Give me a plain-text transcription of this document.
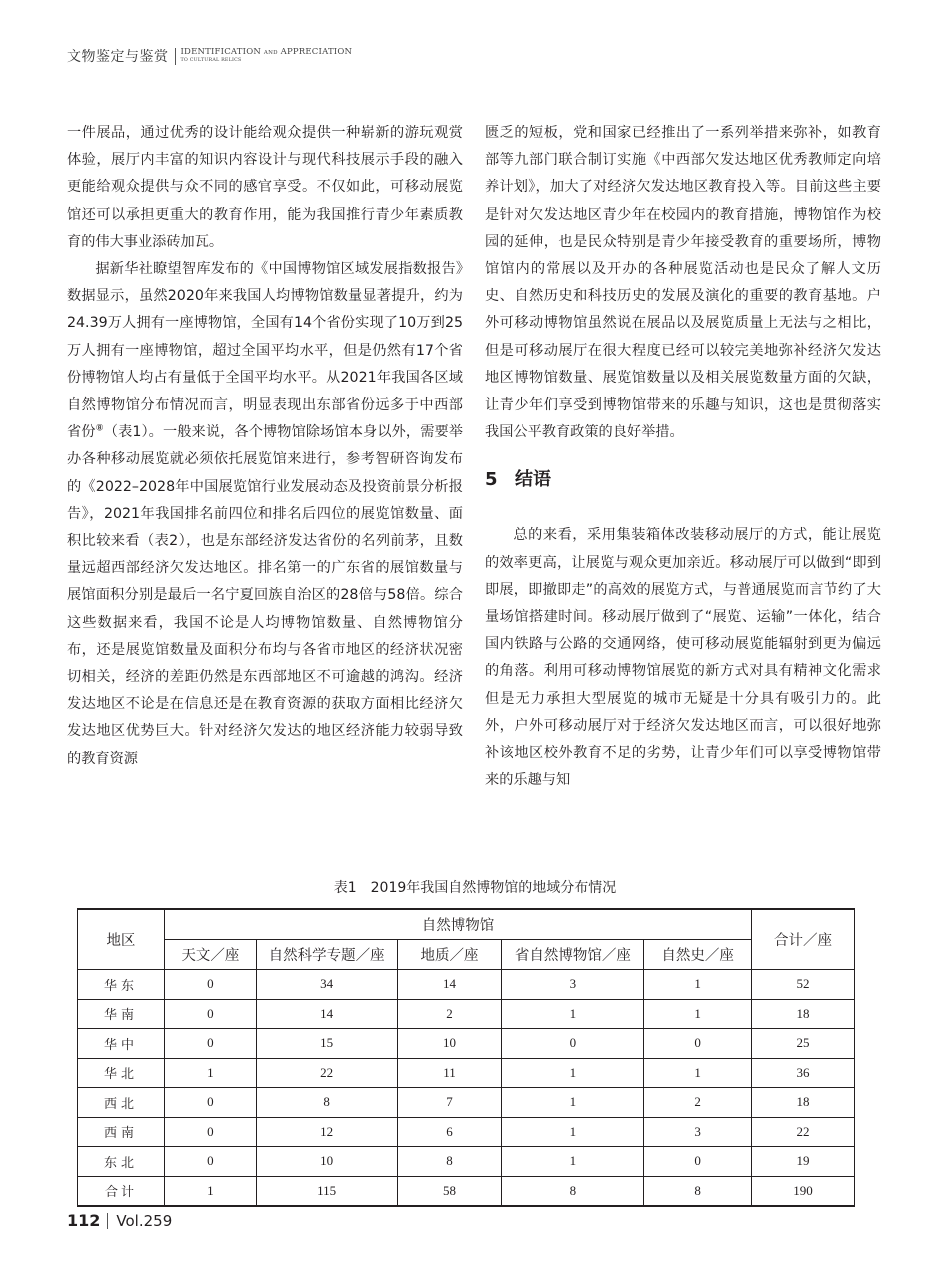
文物鉴定与鉴赏 IDENTIFICATION AND APPRECIATION
TO CULTURAL RELICS

一件展品，通过优秀的设计能给观众提供一种崭新的游玩观赏体验，展厅内丰富的知识内容设计与现代科技展示手段的融入更能给观众提供与众不同的感官享受。不仅如此，可移动展览馆还可以承担更重大的教育作用，能为我国推行青少年素质教育的伟大事业添砖加瓦。

据新华社瞭望智库发布的《中国博物馆区域发展指数报告》数据显示，虽然2020年来我国人均博物馆数量显著提升，约为24.39万人拥有一座博物馆，全国有14个省份实现了10万到25万人拥有一座博物馆，超过全国平均水平，但是仍然有17个省份博物馆人均占有量低于全国平均水平。从2021年我国各区域自然博物馆分布情况而言，明显表现出东部省份远多于中西部省份⑧（表1）。一般来说，各个博物馆除场馆本身以外，需要举办各种移动展览就必须依托展览馆来进行，参考智研咨询发布的《2022–2028年中国展览馆行业发展动态及投资前景分析报告》，2021年我国排名前四位和排名后四位的展览馆数量、面积比较来看（表2），也是东部经济发达省份的名列前茅，且数量远超西部经济欠发达地区。排名第一的广东省的展馆数量与展馆面积分别是最后一名宁夏回族自治区的28倍与58倍。综合这些数据来看，我国不论是人均博物馆数量、自然博物馆分布，还是展览馆数量及面积分布均与各省市地区的经济状况密切相关，经济的差距仍然是东西部地区不可逾越的鸿沟。经济发达地区不论是在信息还是在教育资源的获取方面相比经济欠发达地区优势巨大。针对经济欠发达的地区经济能力较弱导致的教育资源

匮乏的短板，党和国家已经推出了一系列举措来弥补，如教育部等九部门联合制订实施《中西部欠发达地区优秀教师定向培养计划》，加大了对经济欠发达地区教育投入等。目前这些主要是针对欠发达地区青少年在校园内的教育措施，博物馆作为校园的延伸，也是民众特别是青少年接受教育的重要场所，博物馆馆内的常展以及开办的各种展览活动也是民众了解人文历史、自然历史和科技历史的发展及演化的重要的教育基地。户外可移动博物馆虽然说在展品以及展览质量上无法与之相比，但是可移动展厅在很大程度已经可以较完美地弥补经济欠发达地区博物馆数量、展览馆数量以及相关展览数量方面的欠缺，让青少年们享受到博物馆带来的乐趣与知识，这也是贯彻落实我国公平教育政策的良好举措。

5 结语

总的来看，采用集装箱体改装移动展厅的方式，能让展览的效率更高，让展览与观众更加亲近。移动展厅可以做到“即到即展，即撤即走”的高效的展览方式，与普通展览而言节约了大量场馆搭建时间。移动展厅做到了“展览、运输”一体化，结合国内铁路与公路的交通网络，使可移动展览能辐射到更为偏远的角落。利用可移动博物馆展览的新方式对具有精神文化需求但是无力承担大型展览的城市无疑是十分具有吸引力的。此外，户外可移动展厅对于经济欠发达地区而言，可以很好地弥补该地区校外教育不足的劣势，让青少年们可以享受博物馆带来的乐趣与知

表1 2019年我国自然博物馆的地域分布情况
地区	自然博物馆					合计／座
	天文／座	自然科学专题／座	地质／座	省自然博物馆／座	自然史／座	
华东	0	34	14	3	1	52
华南	0	14	2	1	1	18
华中	0	15	10	0	0	25
华北	1	22	11	1	1	36
西北	0	8	7	1	2	18
西南	0	12	6	1	3	22
东北	0	10	8	1	0	19
合计	1	115	58	8	8	190
112 Vol.259
